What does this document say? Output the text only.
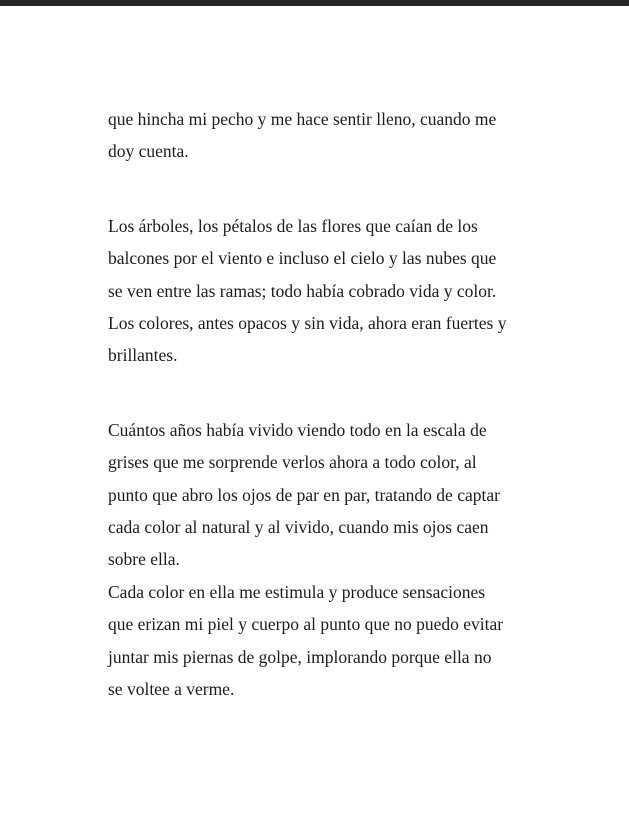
que hincha mi pecho y me hace sentir lleno, cuando me
doy cuenta.
Los árboles, los pétalos de las flores que caían de los
balcones por el viento e incluso el cielo y las nubes que
se ven entre las ramas; todo había cobrado vida y color.
Los colores, antes opacos y sin vida, ahora eran fuertes y
brillantes.
Cuántos años había vivido viendo todo en la escala de
grises que me sorprende verlos ahora a todo color, al
punto que abro los ojos de par en par, tratando de captar
cada color al natural y al vivido, cuando mis ojos caen
sobre ella.
Cada color en ella me estimula y produce sensaciones
que erizan mi piel y cuerpo al punto que no puedo evitar
juntar mis piernas de golpe, implorando porque ella no
se voltee a verme.
